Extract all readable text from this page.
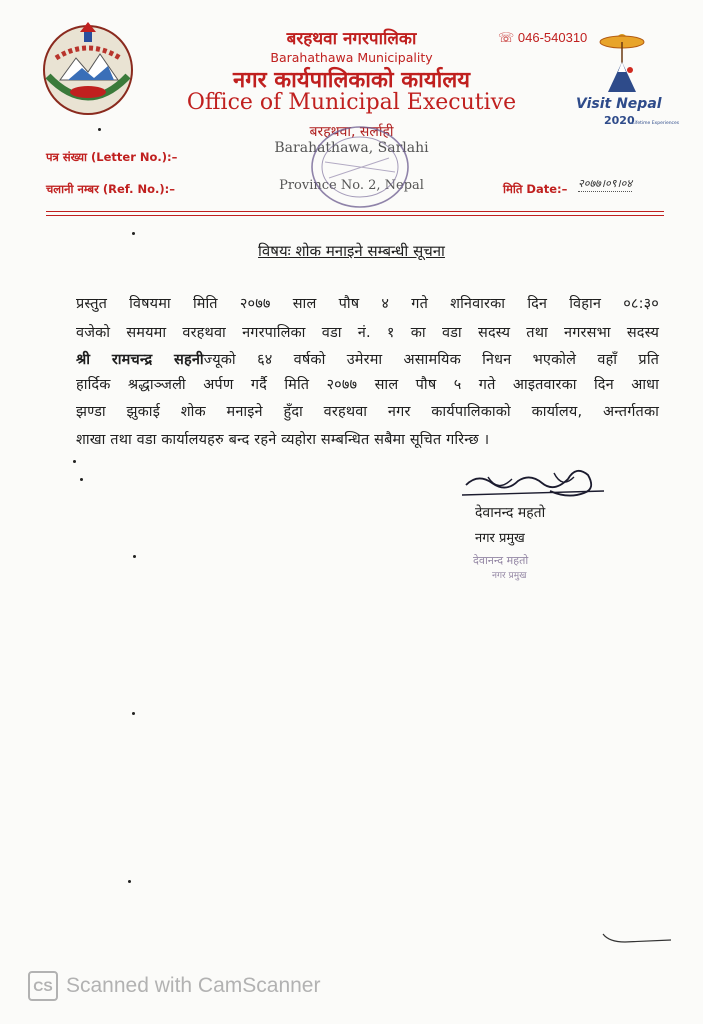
बरहथवा नगरपालिका
Barahathawa Municipality
नगर कार्यपालिकाको कार्यालय
Office of Municipal Executive
बरहथवा, सर्लाही
Barahathawa, Sarlahi
Province No. 2, Nepal
☏ 046-540310
Visit Nepal
2020
Lifetime Experiences
पत्र संख्या (Letter No.):–
चलानी नम्बर (Ref. No.):–	मिति Date:– २०७७।०९।०४
विषयः शोक मनाइने सम्बन्धी सूचना
प्रस्तुत विषयमा मिति २०७७ साल पौष ४ गते शनिवारका दिन विहान ०८:३०
वजेको समयमा वरहथवा नगरपालिका वडा नं. १ का वडा सदस्य तथा नगरसभा सदस्य
श्री रामचन्द्र सहनीज्यूको ६४ वर्षको उमेरमा असामयिक निधन भएकोले वहाँ प्रति
हार्दिक श्रद्धाञ्जली अर्पण गर्दै मिति २०७७ साल पौष ५ गते आइतवारका दिन आधा
झण्डा झुकाई शोक मनाइने हुँदा वरहथवा नगर कार्यपालिकाको कार्यालय, अन्तर्गतका
शाखा तथा वडा कार्यालयहरु बन्द रहने व्यहोरा सम्बन्धित सबैमा सूचित गरिन्छ ।
देवानन्द महतो
नगर प्रमुख
देवानन्द महतो
नगर प्रमुख
CS Scanned with CamScanner
